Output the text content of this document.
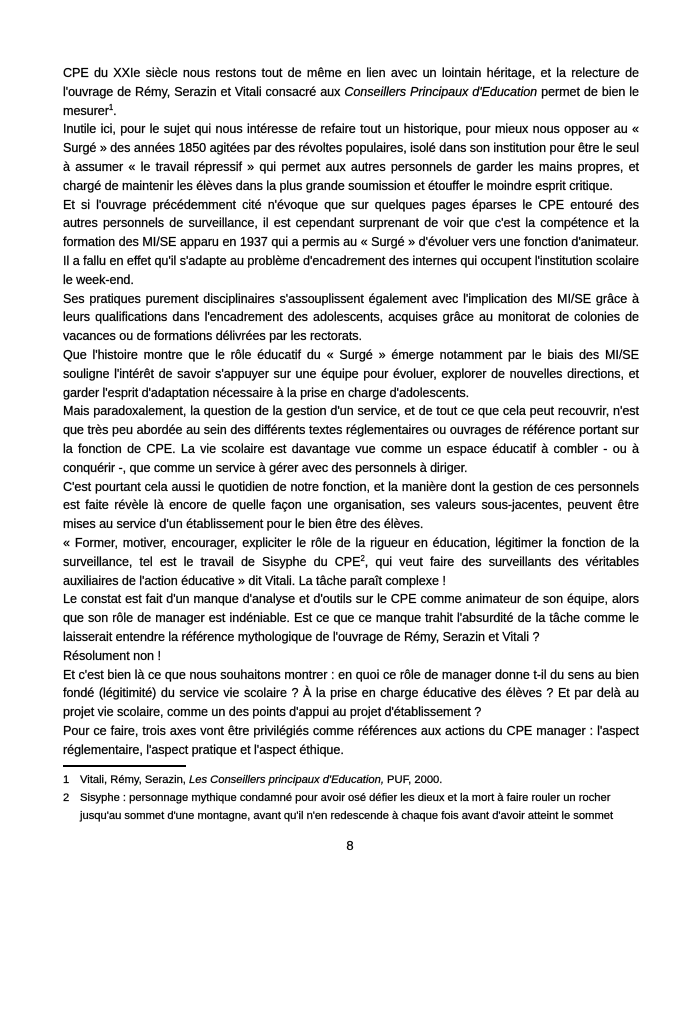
CPE du XXIe siècle nous restons tout de même en lien avec un lointain héritage, et la relecture de l'ouvrage de Rémy, Serazin et Vitali consacré aux Conseillers Principaux d'Education permet de bien le mesurer$^1$.

Inutile ici, pour le sujet qui nous intéresse de refaire tout un historique, pour mieux nous opposer au « Surgé » des années 1850 agitées par des révoltes populaires, isolé dans son institution pour être le seul à assumer « le travail répressif » qui permet aux autres personnels de garder les mains propres, et chargé de maintenir les élèves dans la plus grande soumission et étouffer le moindre esprit critique.

Et si l'ouvrage précédemment cité n'évoque que sur quelques pages éparses le CPE entouré des autres personnels de surveillance, il est cependant surprenant de voir que c'est la compétence et la formation des MI/SE apparu en 1937 qui a permis au « Surgé » d'évoluer vers une fonction d'animateur. Il a fallu en effet qu'il s'adapte au problème d'encadrement des internes qui occupent l'institution scolaire le week-end.

Ses pratiques purement disciplinaires s'assouplissent également avec l'implication des MI/SE grâce à leurs qualifications dans l'encadrement des adolescents, acquises grâce au monitorat de colonies de vacances ou de formations délivrées par les rectorats.

Que l'histoire montre que le rôle éducatif du « Surgé » émerge notamment par le biais des MI/SE souligne l'intérêt de savoir s'appuyer sur une équipe pour évoluer, explorer de nouvelles directions, et garder l'esprit d'adaptation nécessaire à la prise en charge d'adolescents.

Mais paradoxalement, la question de la gestion d'un service, et de tout ce que cela peut recouvrir, n'est que très peu abordée au sein des différents textes réglementaires ou ouvrages de référence portant sur la fonction de CPE. La vie scolaire est davantage vue comme un espace éducatif à combler - ou à conquérir -, que comme un service à gérer avec des personnels à diriger.

C'est pourtant cela aussi le quotidien de notre fonction, et la manière dont la gestion de ces personnels est faite révèle là encore de quelle façon une organisation, ses valeurs sous-jacentes, peuvent être mises au service d'un établissement pour le bien être des élèves.

« Former, motiver, encourager, expliciter le rôle de la rigueur en éducation, légitimer la fonction de la surveillance, tel est le travail de Sisyphe du CPE$^2$, qui veut faire des surveillants des véritables auxiliaires de l'action éducative » dit Vitali. La tâche paraît complexe !

Le constat est fait d'un manque d'analyse et d'outils sur le CPE comme animateur de son équipe, alors que son rôle de manager est indéniable. Est ce que ce manque trahit l'absurdité de la tâche comme le laisserait entendre la référence mythologique de l'ouvrage de Rémy, Serazin et Vitali ?

Résolument non !

Et c'est bien là ce que nous souhaitons montrer : en quoi ce rôle de manager donne t-il du sens au bien fondé (légitimité) du service vie scolaire ? À la prise en charge éducative des élèves ? Et par delà au projet vie scolaire, comme un des points d'appui au projet d'établissement ?

Pour ce faire, trois axes vont être privilégiés comme références aux actions du CPE manager : l'aspect réglementaire, l'aspect pratique et l'aspect éthique.

1 Vitali, Rémy, Serazin, Les Conseillers principaux d'Education, PUF, 2000.
2 Sisyphe : personnage mythique condamné pour avoir osé défier les dieux et la mort à faire rouler un rocher jusqu'au sommet d'une montagne, avant qu'il n'en redescende à chaque fois avant d'avoir atteint le sommet
8
